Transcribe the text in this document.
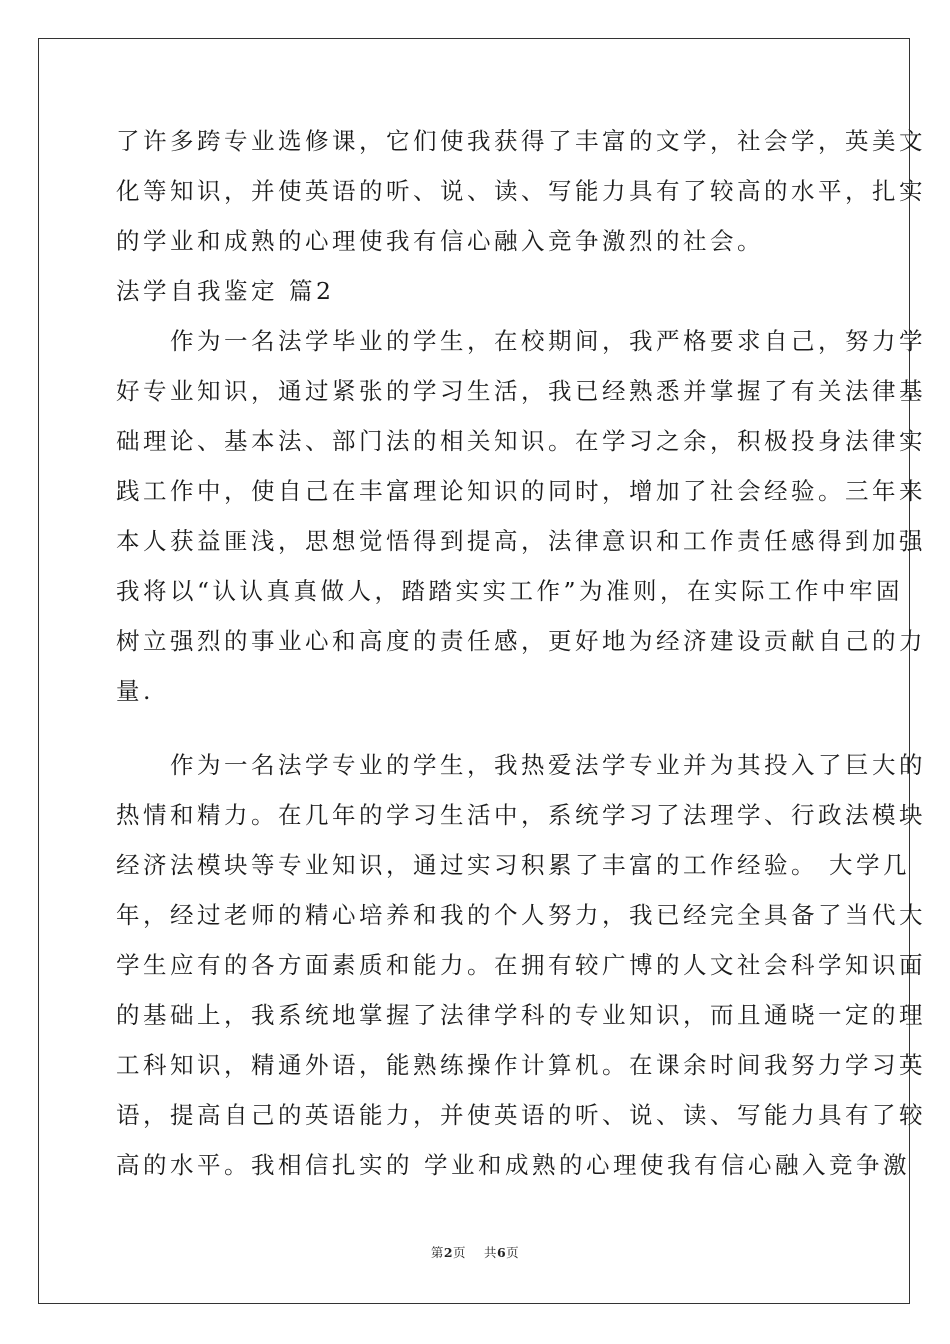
了许多跨专业选修课，它们使我获得了丰富的文学，社会学，英美文
化等知识，并使英语的听、说、读、写能力具有了较高的水平，扎实
的学业和成熟的心理使我有信心融入竞争激烈的社会。
法学自我鉴定 篇2
　　作为一名法学毕业的学生，在校期间，我严格要求自己，努力学
好专业知识，通过紧张的学习生活，我已经熟悉并掌握了有关法律基
础理论、基本法、部门法的相关知识。在学习之余，积极投身法律实
践工作中，使自己在丰富理论知识的同时，增加了社会经验。三年来
本人获益匪浅，思想觉悟得到提高，法律意识和工作责任感得到加强
我将以“认认真真做人，踏踏实实工作”为准则，在实际工作中牢固
树立强烈的事业心和高度的责任感，更好地为经济建设贡献自己的力
量.
　　作为一名法学专业的学生，我热爱法学专业并为其投入了巨大的
热情和精力。在几年的学习生活中，系统学习了法理学、行政法模块
经济法模块等专业知识，通过实习积累了丰富的工作经验。 大学几
年，经过老师的精心培养和我的个人努力，我已经完全具备了当代大
学生应有的各方面素质和能力。在拥有较广博的人文社会科学知识面
的基础上，我系统地掌握了法律学科的专业知识，而且通晓一定的理
工科知识，精通外语，能熟练操作计算机。在课余时间我努力学习英
语，提高自己的英语能力，并使英语的听、说、读、写能力具有了较
高的水平。我相信扎实的 学业和成熟的心理使我有信心融入竞争激
第2页 共6页
